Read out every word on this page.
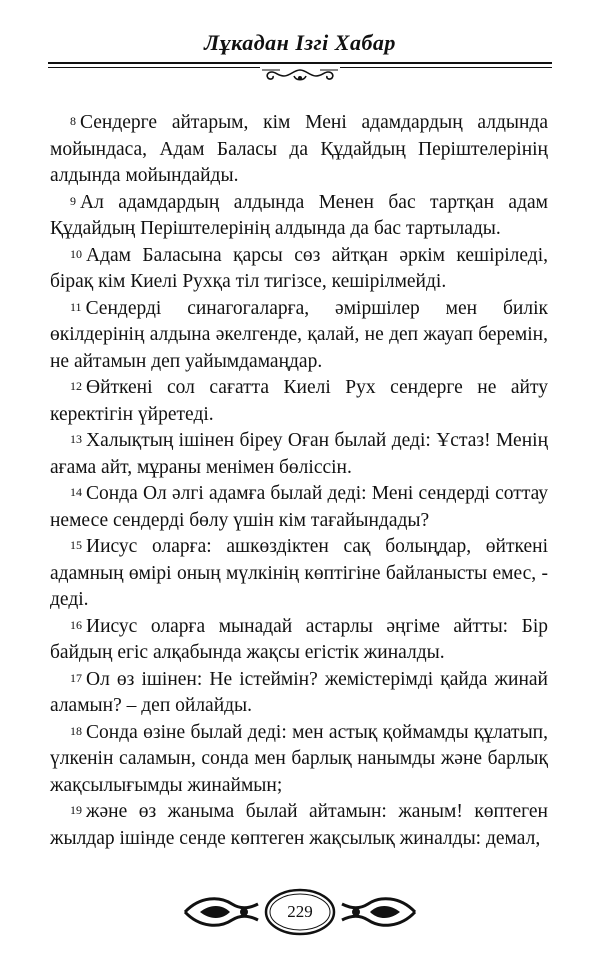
Лұкадан Ізгі Хабар

$^8$ Сендерге айтарым, кім Мені адамдардың алдында мойындаса, Адам Баласы да Құдайдың Періштелерінің алдында мойындайды.

$^9$ Ал адамдардың алдында Менен бас тартқан адам Құдайдың Періштелерінің алдында да бас тартылады.

$^{10}$ Адам Баласына қарсы сөз айтқан әркім кешіріледі, бірақ кім Киелі Рухқа тіл тигізсе, кешірілмейді.

$^{11}$ Сендерді синагогаларға, әміршілер мен билік өкілдерінің алдына әкелгенде, қалай, не деп жауап беремін, не айтамын деп уайымдамаңдар.

$^{12}$ Өйткені сол сағатта Киелі Рух сендерге не айту керектігін үйретеді.

$^{13}$ Халықтың ішінен біреу Оған былай деді: Ұстаз! Менің ағама айт, мұраны менімен бөліссін.

$^{14}$ Сонда Ол әлгі адамға былай деді: Мені сендерді соттау немесе сендерді бөлу үшін кім тағайындады?

$^{15}$ Иисус оларға: ашкөздіктен сақ болыңдар, өйткені адамның өмірі оның мүлкінің көптігіне байланысты емес, - деді.

$^{16}$ Иисус оларға мынадай астарлы әңгіме айтты: Бір байдың егіс алқабында жақсы егістік жиналды.

$^{17}$ Ол өз ішінен: Не істеймін? жемістерімді қайда жинай аламын? – деп ойлайды.

$^{18}$ Сонда өзіне былай деді: мен астық қоймамды құлатып, үлкенін саламын, сонда мен барлық нанымды және барлық жақсылығымды жинаймын;

$^{19}$ және өз жаныма былай айтамын: жаным! көптеген жылдар ішінде сенде көптеген жақсылық жиналды: демал,

229
